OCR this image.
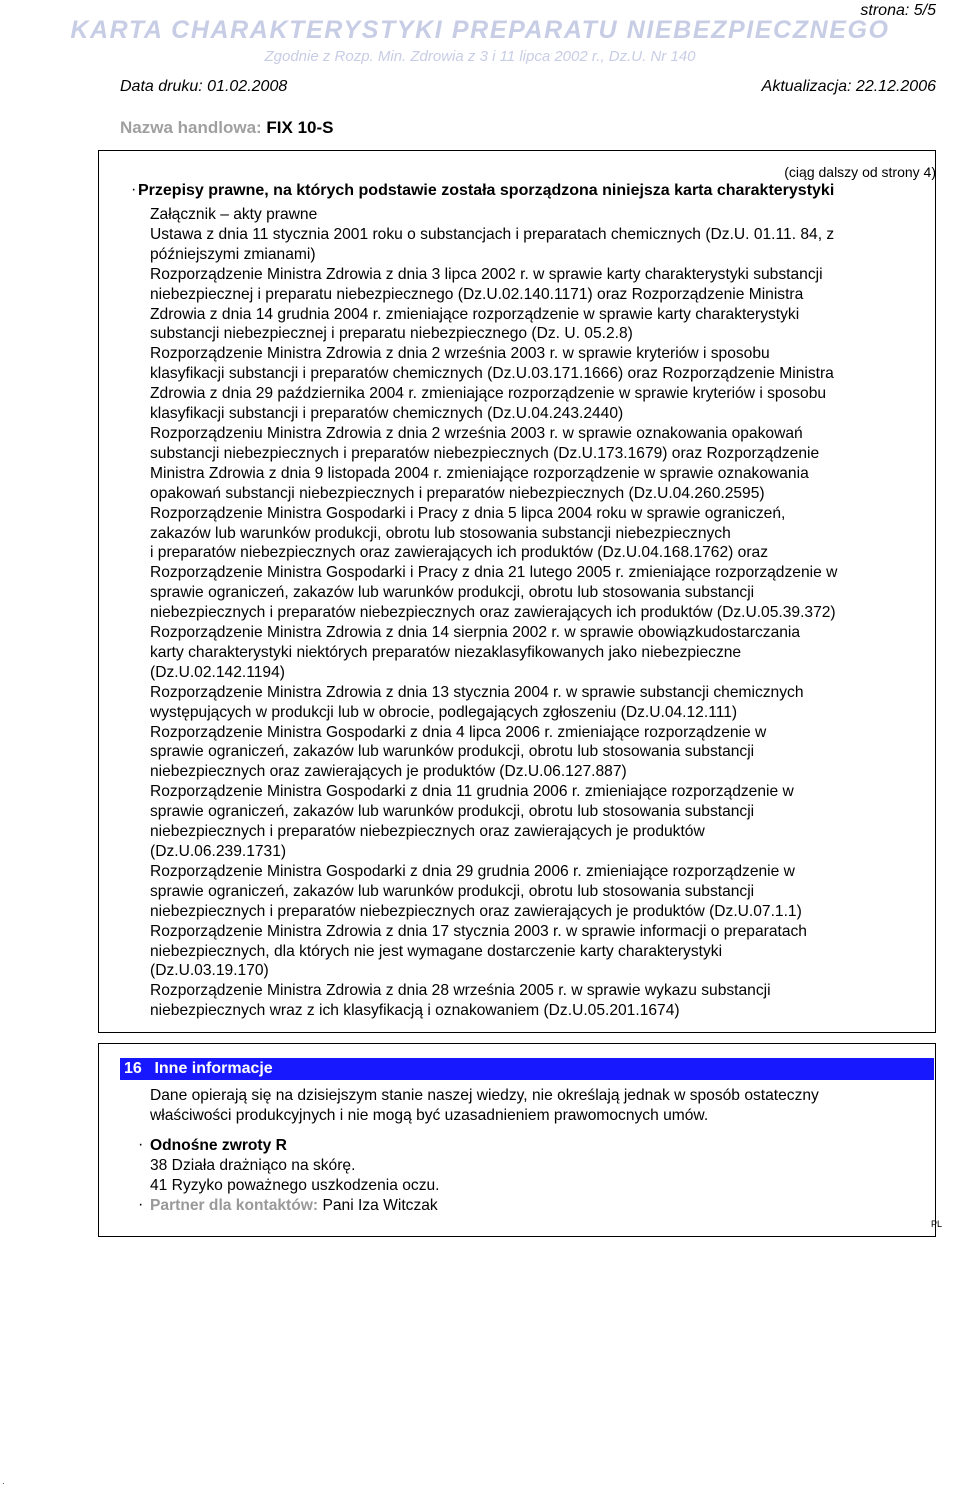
strona: 5/5
KARTA CHARAKTERYSTYKI PREPARATU NIEBEZPIECZNEGO
Zgodnie z Rozp. Min. Zdrowia z 3 i 11 lipca 2002 r., Dz.U. Nr 140
Data druku: 01.02.2008	Aktualizacja: 22.12.2006
Nazwa handlowa: FIX 10-S
(ciąg dalszy od strony 4)
· Przepisy prawne, na których podstawie została sporządzona niniejsza karta charakterystyki
Załącznik – akty prawne
Ustawa z dnia 11 stycznia 2001 roku o substancjach i preparatach chemicznych (Dz.U. 01.11. 84, z
późniejszymi zmianami)
Rozporządzenie Ministra Zdrowia z dnia 3 lipca 2002 r. w sprawie karty charakterystyki substancji
niebezpiecznej i preparatu niebezpiecznego (Dz.U.02.140.1171) oraz Rozporządzenie Ministra
Zdrowia z dnia 14 grudnia 2004 r. zmieniające rozporządzenie w sprawie karty charakterystyki
substancji niebezpiecznej i preparatu niebezpiecznego (Dz. U. 05.2.8)
Rozporządzenie Ministra Zdrowia z dnia 2 września 2003 r. w sprawie kryteriów i sposobu
klasyfikacji substancji i preparatów chemicznych (Dz.U.03.171.1666) oraz Rozporządzenie Ministra
Zdrowia z dnia 29 października 2004 r. zmieniające rozporządzenie w sprawie kryteriów i sposobu
klasyfikacji substancji i preparatów chemicznych (Dz.U.04.243.2440)
Rozporządzeniu Ministra Zdrowia z dnia 2 września 2003 r. w sprawie oznakowania opakowań
substancji niebezpiecznych i preparatów niebezpiecznych (Dz.U.173.1679) oraz Rozporządzenie
Ministra Zdrowia z dnia 9 listopada 2004 r. zmieniające rozporządzenie w sprawie oznakowania
opakowań substancji niebezpiecznych i preparatów niebezpiecznych (Dz.U.04.260.2595)
Rozporządzenie Ministra Gospodarki i Pracy z dnia 5 lipca 2004 roku w sprawie ograniczeń,
zakazów lub warunków produkcji, obrotu lub stosowania substancji niebezpiecznych
i preparatów niebezpiecznych oraz zawierających ich produktów (Dz.U.04.168.1762) oraz
Rozporządzenie Ministra Gospodarki i Pracy z dnia 21 lutego 2005 r. zmieniające rozporządzenie w
sprawie ograniczeń, zakazów lub warunków produkcji, obrotu lub stosowania substancji
niebezpiecznych i preparatów niebezpiecznych oraz zawierających ich produktów (Dz.U.05.39.372)
Rozporządzenie Ministra Zdrowia z dnia 14 sierpnia 2002 r. w sprawie obowiązkudostarczania
karty charakterystyki niektórych preparatów niezaklasyfikowanych jako niebezpieczne
(Dz.U.02.142.1194)
Rozporządzenie Ministra Zdrowia z dnia 13 stycznia 2004 r. w sprawie substancji chemicznych
występujących w produkcji lub w obrocie, podlegających zgłoszeniu (Dz.U.04.12.111)
Rozporządzenie Ministra Gospodarki z dnia 4 lipca 2006 r. zmieniające rozporządzenie w
sprawie ograniczeń, zakazów lub warunków produkcji, obrotu lub stosowania substancji
niebezpiecznych oraz zawierających je produktów (Dz.U.06.127.887)
Rozporządzenie Ministra Gospodarki z dnia 11 grudnia 2006 r. zmieniające rozporządzenie w
sprawie ograniczeń, zakazów lub warunków produkcji, obrotu lub stosowania substancji
niebezpiecznych i preparatów niebezpiecznych oraz zawierających je produktów
(Dz.U.06.239.1731)
Rozporządzenie Ministra Gospodarki z dnia 29 grudnia 2006 r. zmieniające rozporządzenie w
sprawie ograniczeń, zakazów lub warunków produkcji, obrotu lub stosowania substancji
niebezpiecznych i preparatów niebezpiecznych oraz zawierających je produktów (Dz.U.07.1.1)
Rozporządzenie Ministra Zdrowia z dnia 17 stycznia 2003 r. w sprawie informacji o preparatach
niebezpiecznych, dla których nie jest wymagane dostarczenie karty charakterystyki
(Dz.U.03.19.170)
Rozporządzenie Ministra Zdrowia z dnia 28 września 2005 r. w sprawie wykazu substancji
niebezpiecznych wraz z ich klasyfikacją i oznakowaniem (Dz.U.05.201.1674)
16 Inne informacje
Dane opierają się na dzisiejszym stanie naszej wiedzy, nie określają jednak w sposób ostateczny
właściwości produkcyjnych i nie mogą być uzasadnieniem prawomocnych umów.
· Odnośne zwroty R
38 Działa drażniąco na skórę.
41 Ryzyko poważnego uszkodzenia oczu.
· Partner dla kontaktów: Pani Iza Witczak
PL
·
